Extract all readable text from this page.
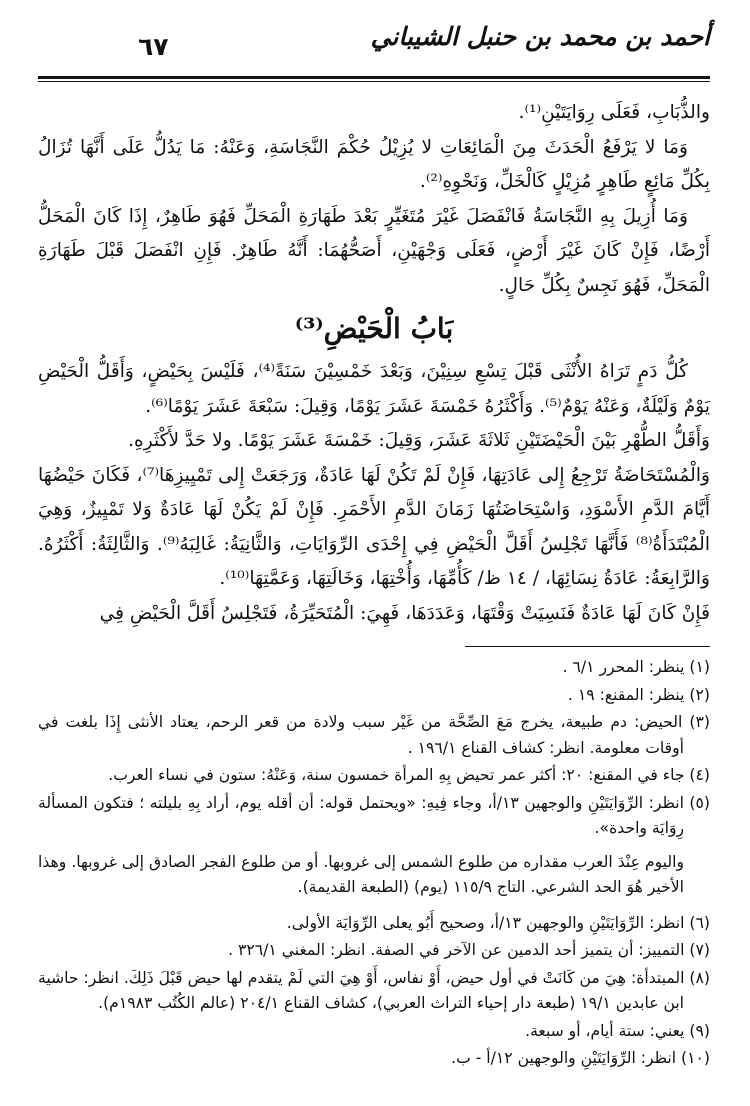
أحمد بن محمد بن حنبل الشيباني
٦٧

والذُّبَابِ، فَعَلَى رِوَايَتَيْنِ⁽¹⁾.

وَمَا لا يَرْفَعُ الْحَدَثَ مِنَ الْمَائِعَاتِ لا يُزِيْلُ حُكْمَ النَّجَاسَةِ، وَعَنْهُ: مَا يَدُلُّ عَلَى أَنَّهَا تُزَالُ بِكُلِّ مَائِعٍ طَاهِرٍ مُزِيْلٍ كَالْخَلِّ، وَنَحْوِهِ⁽²⁾.

وَمَا أُزِيلَ بِهِ النَّجَاسَةُ فَانْفَصَلَ غَيْرَ مُتَغَيِّرٍ بَعْدَ طَهَارَةِ الْمَحَلِّ فَهُوَ طَاهِرٌ، إِذَا كَانَ الْمَحَلُّ أَرْضًا، فَإِنْ كَانَ غَيْرَ أَرْضٍ، فَعَلَى وَجْهَيْنِ، أَصَحُّهُمَا: أَنَّهُ طَاهِرٌ. فَإِنِ انْفَصَلَ قَبْلَ طَهَارَةِ الْمَحَلِّ، فَهُوَ نَجِسٌ بِكُلِّ حَالٍ.

بَابُ الْحَيْضِ⁽³⁾

كُلُّ دَمٍ تَرَاهُ الأُنْثَى قَبْلَ تِسْعِ سِنِيْنَ، وَبَعْدَ خَمْسِيْنَ سَنَةً⁽⁴⁾، فَلَيْسَ بِحَيْضٍ، وَأَقَلُّ الْحَيْضِ يَوْمٌ وَلَيْلَةٌ، وَعَنْهُ يَوْمٌ⁽⁵⁾. وَأَكْثَرُهُ خَمْسَةَ عَشَرَ يَوْمًا، وَقِيلَ: سَبْعَةَ عَشَرَ يَوْمًا⁽⁶⁾.

وَأَقَلُّ الطُّهْرِ بَيْنَ الْحَيْضَتَيْنِ ثَلاثَةَ عَشَرَ، وَقِيلَ: خَمْسَةَ عَشَرَ يَوْمًا. ولا حَدَّ لأَكْثَرِهِ.

وَالْمُسْتَحَاضَةُ تَرْجِعُ إِلى عَادَتِهَا، فَإِنْ لَمْ تَكُنْ لَهَا عَادَةٌ، وَرَجَعَتْ إِلى تَمْيِيزِهَا⁽⁷⁾، فَكَانَ حَيْضُهَا أَيَّامَ الدَّمِ الأَسْوَدِ، وَاسْتِحَاضَتُهَا زَمَانَ الدَّمِ الأَحْمَرِ. فَإِنْ لَمْ يَكُنْ لَهَا عَادَةٌ وَلا تَمْيِيزٌ، وَهِيَ الْمُبْتَدَأَةُ⁽⁸⁾ فَأَنَّهَا تَجْلِسُ أَقَلَّ الْحَيْضِ فِي إِحْدَى الرِّوَايَاتِ، وَالثَّانِيَةُ: غَالِبَهُ⁽⁹⁾. وَالثَّالِثَةُ: أَكْثَرُهُ. وَالرَّابِعَةُ: عَادَةُ نِسَائِهَا، / ١٤ ظ/ كَأُمِّهَا، وَأُخْتِهَا، وَخَالَتِهَا، وَعَمَّتِهَا⁽¹⁰⁾.

فَإِنْ كَانَ لَهَا عَادَةٌ فَنَسِيَتْ وَقْتَهَا، وَعَدَدَهَا، فَهِيَ: الْمُتَحَيِّرَةُ، فَتَجْلِسُ أَقَلَّ الْحَيْضِ فِي

(١) ينظر: المحرر ٦/١ .

(٢) ينظر: المقنع: ١٩ .

(٣) الحيض: دم طبيعة، يخرج مَعَ الصِّحَّة من غَيْر سبب ولادة من قعر الرحم، يعتاد الأنثى إِذَا بلغت في أوقات معلومة. انظر: كشاف القناع ١٩٦/١ .

(٤) جاء في المقنع: ٢٠: أكثر عمر تحيض بِهِ المرأة خمسون سنة، وَعَنْهُ: ستون في نساء العرب.

(٥) انظر: الرِّوَايَتَيْنِ والوجهين ١٣/أ، وجاء فِيهِ: «ويحتمل قوله: أن أقله يوم، أراد بِهِ بليلته ؛ فتكون المسألة رِوَايَة واحدة».

واليوم عِنْدَ العرب مقداره من طلوع الشمس إلى غروبها. أو من طلوع الفجر الصادق إلى غروبها. وهذا الأخير هُوَ الحد الشرعي. التاج ١١٥/٩ (يوم) (الطبعة القديمة).

(٦) انظر: الرِّوَايَتَيْنِ والوجهين ١٣/أ، وصحيح أَبُو يعلى الرِّوَايَة الأولى.

(٧) التمييز: أن يتميز أحد الدمين عن الآخر في الصفة. انظر: المغني ٣٢٦/١ .

(٨) المبتدأة: هِيَ من كَانَتْ في أول حيض، أَوْ نفاس، أَوْ هِيَ التي لَمْ يتقدم لها حيض قَبْلَ ذَلِكَ. انظر: حاشية ابن عابدين ١٩/١ (طبعة دار إحياء التراث العربي)، كشاف القناع ٢٠٤/١ (عالم الكُتُب ١٩٨٣م).

(٩) يعني: ستة أيام، أو سبعة.

(١٠) انظر: الرِّوَايَتَيْنِ والوجهين ١٢/أ - ب.
